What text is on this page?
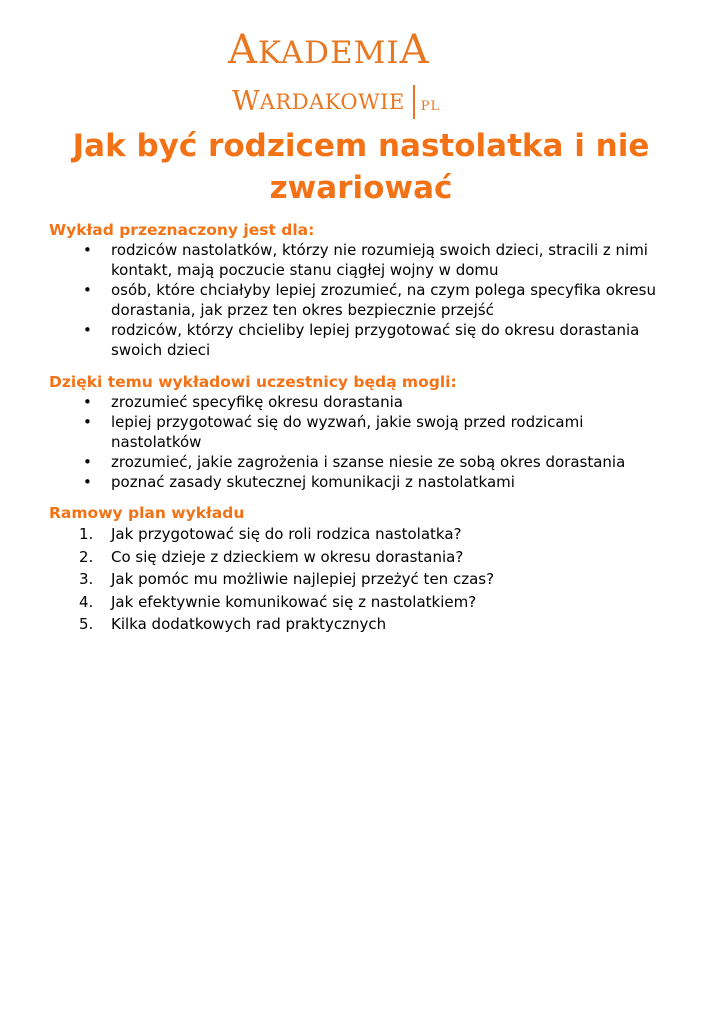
AKADEMIA
W ARDAKOWIE PL
Jak być rodzicem nastolatka i nie zwariować

Wykład przeznaczony jest dla:

• rodziców nastolatków, którzy nie rozumieją swoich dzieci, stracili z nimi kontakt, mają poczucie stanu ciągłej wojny w domu
• osób, które chciałyby lepiej zrozumieć, na czym polega specyfika okresu dorastania, jak przez ten okres bezpiecznie przejść
• rodziców, którzy chcieliby lepiej przygotować się do okresu dorastania swoich dzieci

Dzięki temu wykładowi uczestnicy będą mogli:

• zrozumieć specyfikę okresu dorastania
• lepiej przygotować się do wyzwań, jakie swoją przed rodzicami nastolatków
• zrozumieć, jakie zagrożenia i szanse niesie ze sobą okres dorastania
• poznać zasady skutecznej komunikacji z nastolatkami

Ramowy plan wykładu

1.	Jak przygotować się do roli rodzica nastolatka?
2.	Co się dzieje z dzieckiem w okresu dorastania?
3.	Jak pomóc mu możliwie najlepiej przeżyć ten czas?
4.	Jak efektywnie komunikować się z nastolatkiem?
5.	Kilka dodatkowych rad praktycznych
